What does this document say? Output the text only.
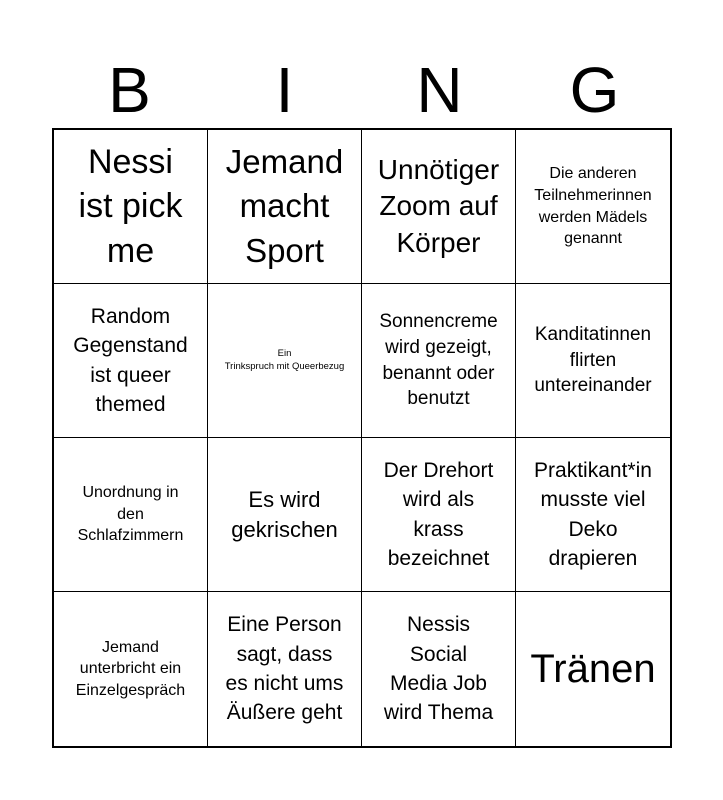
B	I	N	G
Nessi
ist pick
me
Jemand
macht
Sport
Unnötiger
Zoom auf
Körper
Die anderen
Teilnehmerinnen
werden Mädels
genannt
Random
Gegenstand
ist queer
themed
Ein
Trinkspruch mit Queerbezug
Sonnencreme
wird gezeigt,
benannt oder
benutzt
Kanditatinnen
flirten
untereinander
Unordnung in
den
Schlafzimmern
Es wird
gekrischen
Der Drehort
wird als
krass
bezeichnet
Praktikant*in
musste viel
Deko
drapieren
Jemand
unterbricht ein
Einzelgespräch
Eine Person
sagt, dass
es nicht ums
Äußere geht
Nessis
Social
Media Job
wird Thema
Tränen
